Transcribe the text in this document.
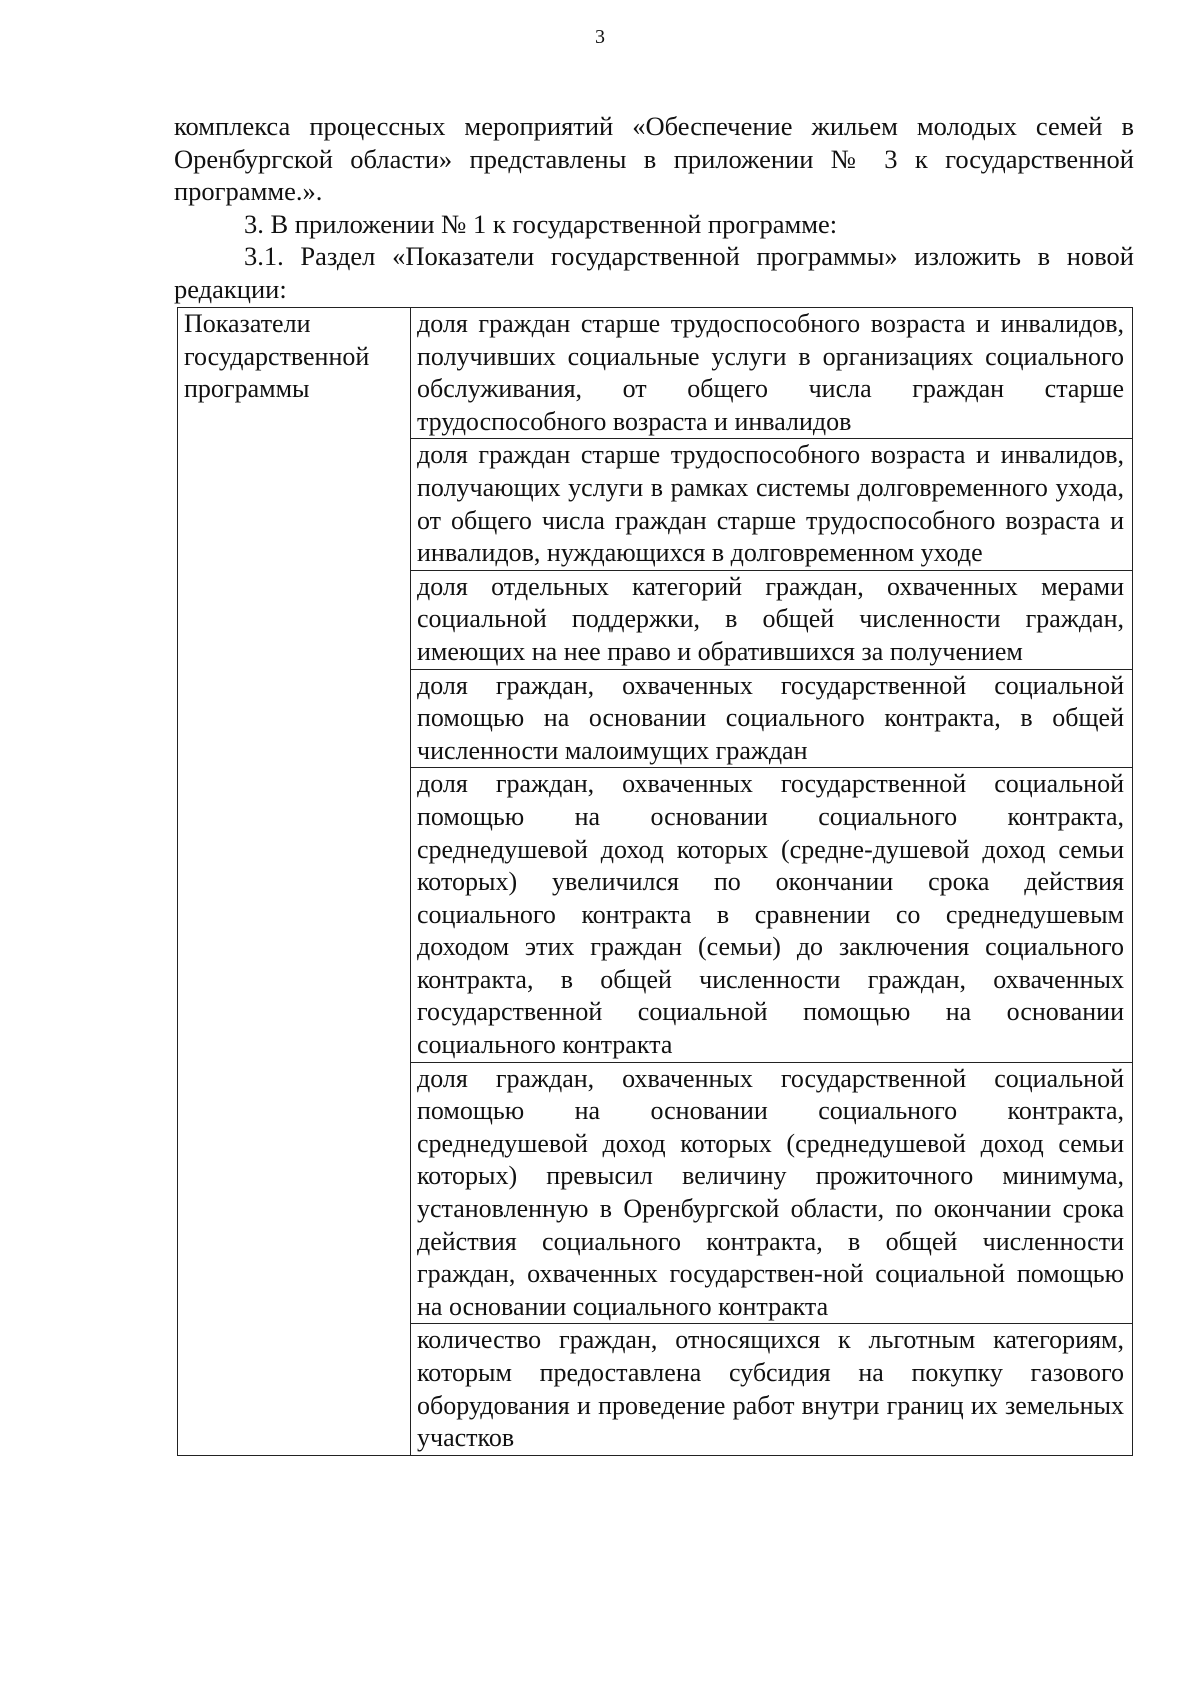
3

комплекса процессных мероприятий «Обеспечение жильем молодых семей в Оренбургской области» представлены в приложении № 3 к государственной программе.».

3. В приложении № 1 к государственной программе:

3.1. Раздел «Показатели государственной программы» изложить в новой редакции:

Показатели государственной программы	доля граждан старше трудоспособного возраста и инвалидов, получивших социальные услуги в организациях социального обслуживания, от общего числа граждан старше трудоспособного возраста и инвалидов
доля граждан старше трудоспособного возраста и инвалидов, получающих услуги в рамках системы долговременного ухода, от общего числа граждан старше трудоспособного возраста и инвалидов, нуждающихся в долговременном уходе
доля отдельных категорий граждан, охваченных мерами социальной поддержки, в общей численности граждан, имеющих на нее право и обратившихся за получением
доля граждан, охваченных государственной социальной помощью на основании социального контракта, в общей численности малоимущих граждан
доля граждан, охваченных государственной социальной помощью на основании социального контракта, среднедушевой доход которых (средне-душевой доход семьи которых) увеличился по окончании срока действия социального контракта в сравнении со среднедушевым доходом этих граждан (семьи) до заключения социального контракта, в общей численности граждан, охваченных государственной социальной помощью на основании социального контракта
доля граждан, охваченных государственной социальной помощью на основании социального контракта, среднедушевой доход которых (среднедушевой доход семьи которых) превысил величину прожиточного минимума, установленную в Оренбургской области, по окончании срока действия социального контракта, в общей численности граждан, охваченных государствен-ной социальной помощью на основании социального контракта
количество граждан, относящихся к льготным категориям, которым предоставлена субсидия на покупку газового оборудования и проведение работ внутри границ их земельных участков
